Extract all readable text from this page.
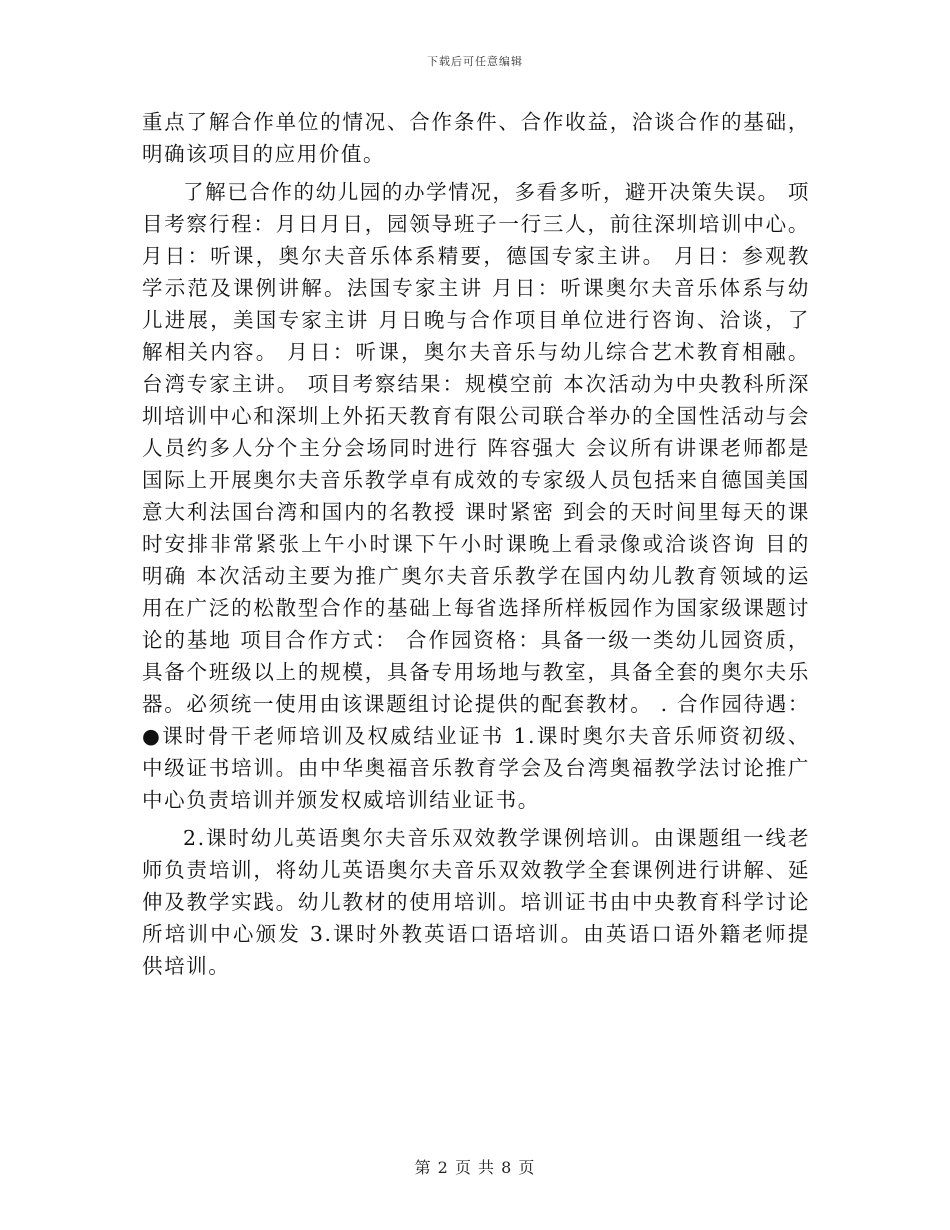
下载后可任意编辑

重点了解合作单位的情况、合作条件、合作收益，洽谈合作的基础，明确该项目的应用价值。

了解已合作的幼儿园的办学情况，多看多听，避开决策失误。 项目考察行程：月日月日，园领导班子一行三人，前往深圳培训中心。 月日：听课，奥尔夫音乐体系精要，德国专家主讲。 月日：参观教学示范及课例讲解。法国专家主讲 月日：听课奥尔夫音乐体系与幼儿进展，美国专家主讲 月日晚与合作项目单位进行咨询、洽谈，了解相关内容。 月日：听课，奥尔夫音乐与幼儿综合艺术教育相融。台湾专家主讲。 项目考察结果：规模空前 本次活动为中央教科所深圳培训中心和深圳上外拓天教育有限公司联合举办的全国性活动与会人员约多人分个主分会场同时进行 阵容强大 会议所有讲课老师都是国际上开展奥尔夫音乐教学卓有成效的专家级人员包括来自德国美国意大利法国台湾和国内的名教授 课时紧密 到会的天时间里每天的课时安排非常紧张上午小时课下午小时课晚上看录像或洽谈咨询 目的明确 本次活动主要为推广奥尔夫音乐教学在国内幼儿教育领域的运用在广泛的松散型合作的基础上每省选择所样板园作为国家级课题讨论的基地 项目合作方式： 合作园资格：具备一级一类幼儿园资质，具备个班级以上的规模，具备专用场地与教室，具备全套的奥尔夫乐器。必须统一使用由该课题组讨论提供的配套教材。 . 合作园待遇：●课时骨干老师培训及权威结业证书 1.课时奥尔夫音乐师资初级、中级证书培训。由中华奥福音乐教育学会及台湾奥福教学法讨论推广中心负责培训并颁发权威培训结业证书。

2.课时幼儿英语奥尔夫音乐双效教学课例培训。由课题组一线老师负责培训，将幼儿英语奥尔夫音乐双效教学全套课例进行讲解、延伸及教学实践。幼儿教材的使用培训。培训证书由中央教育科学讨论所培训中心颁发 3.课时外教英语口语培训。由英语口语外籍老师提供培训。

第 2 页 共 8 页
